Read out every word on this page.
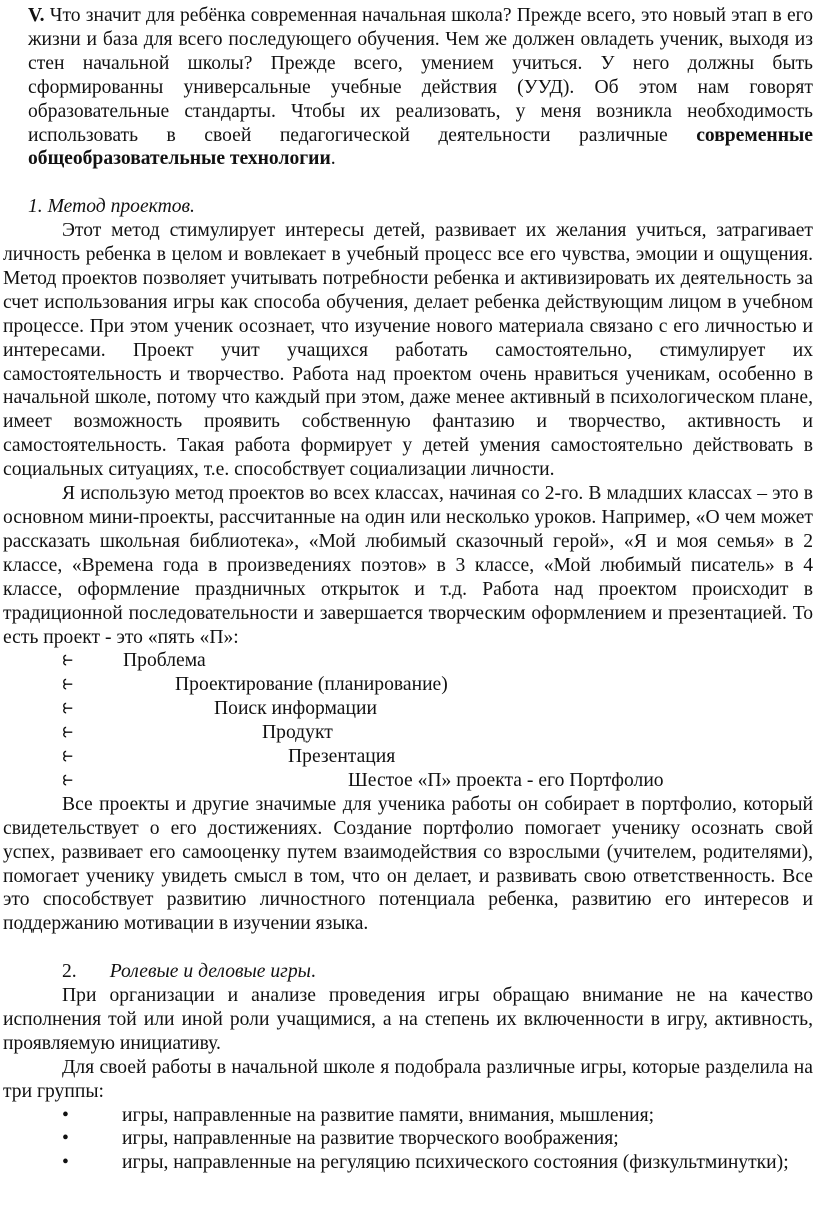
V. Что значит для ребёнка современная начальная школа? Прежде всего, это новый этап в его жизни и база для всего последующего обучения. Чем же должен овладеть ученик, выходя из стен начальной школы? Прежде всего, умением учиться. У него должны быть сформированны универсальные учебные действия (УУД). Об этом нам говорят образовательные стандарты. Чтобы их реализовать, у меня возникла необходимость использовать в своей педагогической деятельности различные современные общеобразовательные технологии.

1. Метод проектов.

Этот метод стимулирует интересы детей, развивает их желания учиться, затрагивает личность ребенка в целом и вовлекает в учебный процесс все его чувства, эмоции и ощущения. Метод проектов позволяет учитывать потребности ребенка и активизировать их деятельность за счет использования игры как способа обучения, делает ребенка действующим лицом в учебном процессе. При этом ученик осознает, что изучение нового материала связано с его личностью и интересами. Проект учит учащихся работать самостоятельно, стимулирует их самостоятельность и творчество. Работа над проектом очень нравиться ученикам, особенно в начальной школе, потому что каждый при этом, даже менее активный в психологическом плане, имеет возможность проявить собственную фантазию и творчество, активность и самостоятельность. Такая работа формирует у детей умения самостоятельно действовать в социальных ситуациях, т.е. способствует социализации личности.

Я использую метод проектов во всех классах, начиная со 2-го. В младших классах – это в основном мини-проекты, рассчитанные на один или несколько уроков. Например, «О чем может рассказать школьная библиотека», «Мой любимый сказочный герой», «Я и моя семья» в 2 классе, «Времена года в произведениях поэтов» в 3 классе, «Мой любимый писатель» в 4 классе, оформление праздничных открыток и т.д. Работа над проектом происходит в традиционной последовательности и завершается творческим оформлением и презентацией. То есть проект - это «пять «П»:

⥼ Проблема
⥼	Проектирование (планирование)
⥼	Поиск информации
⥼	Продукт
⥼	Презентация
⥼	Шестое «П» проекта - его Портфолио

Все проекты и другие значимые для ученика работы он собирает в портфолио, который свидетельствует о его достижениях. Создание портфолио помогает ученику осознать свой успех, развивает его самооценку путем взаимодействия со взрослыми (учителем, родителями), помогает ученику увидеть смысл в том, что он делает, и развивать свою ответственность. Все это способствует развитию личностного потенциала ребенка, развитию его интересов и поддержанию мотивации в изучении языка.

2. Ролевые и деловые игры.

При организации и анализе проведения игры обращаю внимание не на качество исполнения той или иной роли учащимися, а на степень их включенности в игру, активность, проявляемую инициативу.

Для своей работы в начальной школе я подобрала различные игры, которые разделила на три группы:

•	игры, направленные на развитие памяти, внимания, мышления;

•	игры, направленные на развитие творческого воображения;

•	игры, направленные на регуляцию психического состояния (физкультминутки);
